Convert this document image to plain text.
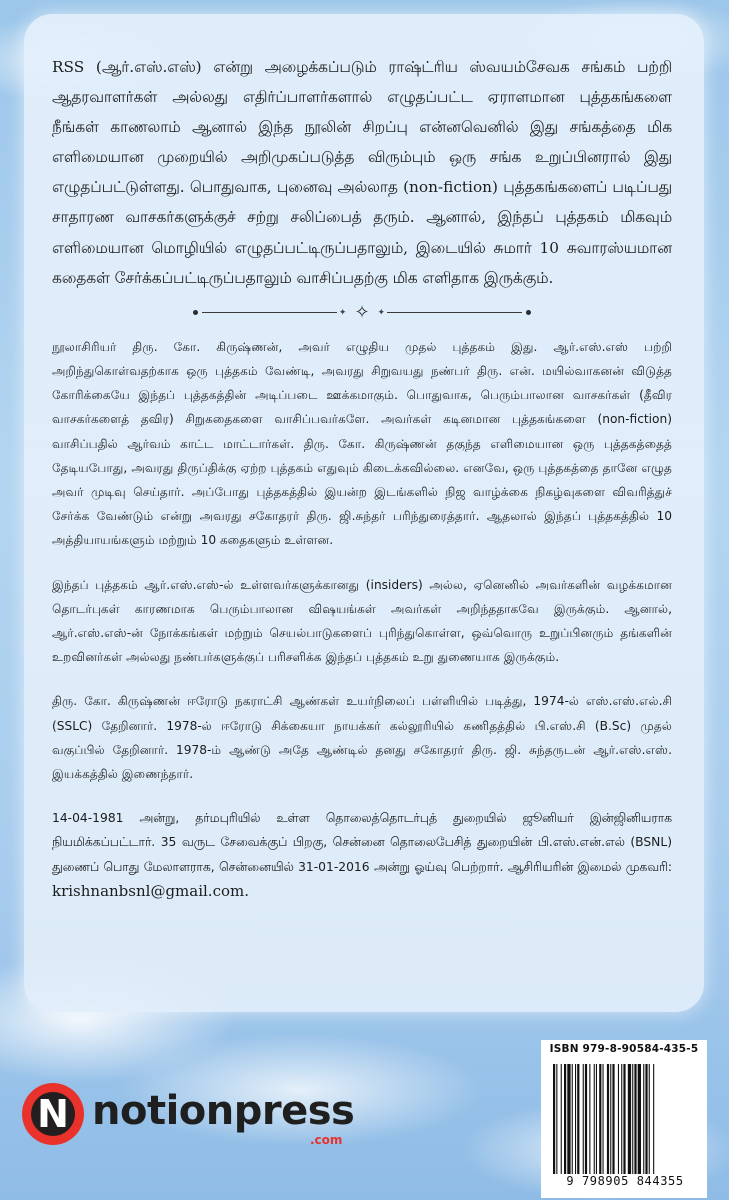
RSS (ஆர்.எஸ்.எஸ்) என்று அழைக்கப்படும் ராஷ்ட்ரிய ஸ்வயம்சேவக சங்கம் பற்றி ஆதரவாளர்கள் அல்லது எதிர்ப்பாளர்களால் எழுதப்பட்ட ஏராளமான புத்தகங்களை நீங்கள் காணலாம் ஆனால் இந்த நூலின் சிறப்பு என்னவெனில் இது சங்கத்தை மிக எளிமையான முறையில் அறிமுகப்படுத்த விரும்பும் ஒரு சங்க உறுப்பினரால் இது எழுதப்பட்டுள்ளது. பொதுவாக, புனைவு அல்லாத (non-fiction) புத்தகங்களைப் படிப்பது சாதாரண வாசகர்களுக்குச் சற்று சலிப்பைத் தரும். ஆனால், இந்தப் புத்தகம் மிகவும் எளிமையான மொழியில் எழுதப்பட்டிருப்பதாலும், இடையில் சுமார் 10 சுவாரஸ்யமான கதைகள் சேர்க்கப்பட்டிருப்பதாலும் வாசிப்பதற்கு மிக எளிதாக இருக்கும்.

✦ ✧ ✦

நூலாசிரியர் திரு. கோ. கிருஷ்ணன், அவர் எழுதிய முதல் புத்தகம் இது. ஆர்.எஸ்.எஸ் பற்றி அறிந்துகொள்வதற்காக ஒரு புத்தகம் வேண்டி, அவரது சிறுவயது நண்பர் திரு. என். மயில்வாகனன் விடுத்த கோரிக்கையே இந்தப் புத்தகத்தின் அடிப்படை ஊக்கமாகும். பொதுவாக, பெரும்பாலான வாசகர்கள் (தீவிர வாசகர்களைத் தவிர) சிறுகதைகளை வாசிப்பவர்களே. அவர்கள் கடினமான புத்தகங்களை (non-fiction) வாசிப்பதில் ஆர்வம் காட்ட மாட்டார்கள். திரு. கோ. கிருஷ்ணன் தகுந்த எளிமையான ஒரு புத்தகத்தைத் தேடியபோது, அவரது திருப்திக்கு ஏற்ற புத்தகம் எதுவும் கிடைக்கவில்லை. எனவே, ஒரு புத்தகத்தை தானே எழுத அவர் முடிவு செய்தார். அப்போது புத்தகத்தில் இயன்ற இடங்களில் நிஜ வாழ்க்கை நிகழ்வுகளை விவரித்துச் சேர்க்க வேண்டும் என்று அவரது சகோதரர் திரு. ஜி.சுந்தர் பரிந்துரைத்தார். ஆதலால் இந்தப் புத்தகத்தில் 10 அத்தியாயங்களும் மற்றும் 10 கதைகளும் உள்ளன.

இந்தப் புத்தகம் ஆர்.எஸ்.எஸ்-ல் உள்ளவர்களுக்கானது (insiders) அல்ல, ஏனெனில் அவர்களின் வழக்கமான தொடர்புகள் காரணமாக பெரும்பாலான விஷயங்கள் அவர்கள் அறிந்ததாகவே இருக்கும். ஆனால், ஆர்.எஸ்.எஸ்-ன் நோக்கங்கள் மற்றும் செயல்பாடுகளைப் புரிந்துகொள்ள, ஒவ்வொரு உறுப்பினரும் தங்களின் உறவினர்கள் அல்லது நண்பர்களுக்குப் பரிசளிக்க இந்தப் புத்தகம் உறு துணையாக இருக்கும்.

திரு. கோ. கிருஷ்ணன் ஈரோடு நகராட்சி ஆண்கள் உயர்நிலைப் பள்ளியில் படித்து, 1974-ல் எஸ்.எஸ்.எல்.சி (SSLC) தேறினார். 1978-ல் ஈரோடு சிக்கையா நாயக்கர் கல்லூரியில் கணிதத்தில் பி.எஸ்.சி (B.Sc) முதல் வகுப்பில் தேறினார். 1978-ம் ஆண்டு அதே ஆண்டில் தனது சகோதரர் திரு. ஜி. சுந்தருடன் ஆர்.எஸ்.எஸ். இயக்கத்தில் இணைந்தார்.

14-04-1981 அன்று, தர்மபுரியில் உள்ள தொலைத்தொடர்புத் துறையில் ஜூனியர் இன்ஜினியராக நியமிக்கப்பட்டார். 35 வருட சேவைக்குப் பிறகு, சென்னை தொலைபேசித் துறையின் பி.எஸ்.என்.எல் (BSNL) துணைப் பொது மேலாளராக, சென்னையில் 31-01-2016 அன்று ஓய்வு பெற்றார். ஆசிரியரின் இமைல் முகவரி: krishnanbsnl@gmail.com.

N notionpress
.com
ISBN 979-8-90584-435-5
9 798905 844355
